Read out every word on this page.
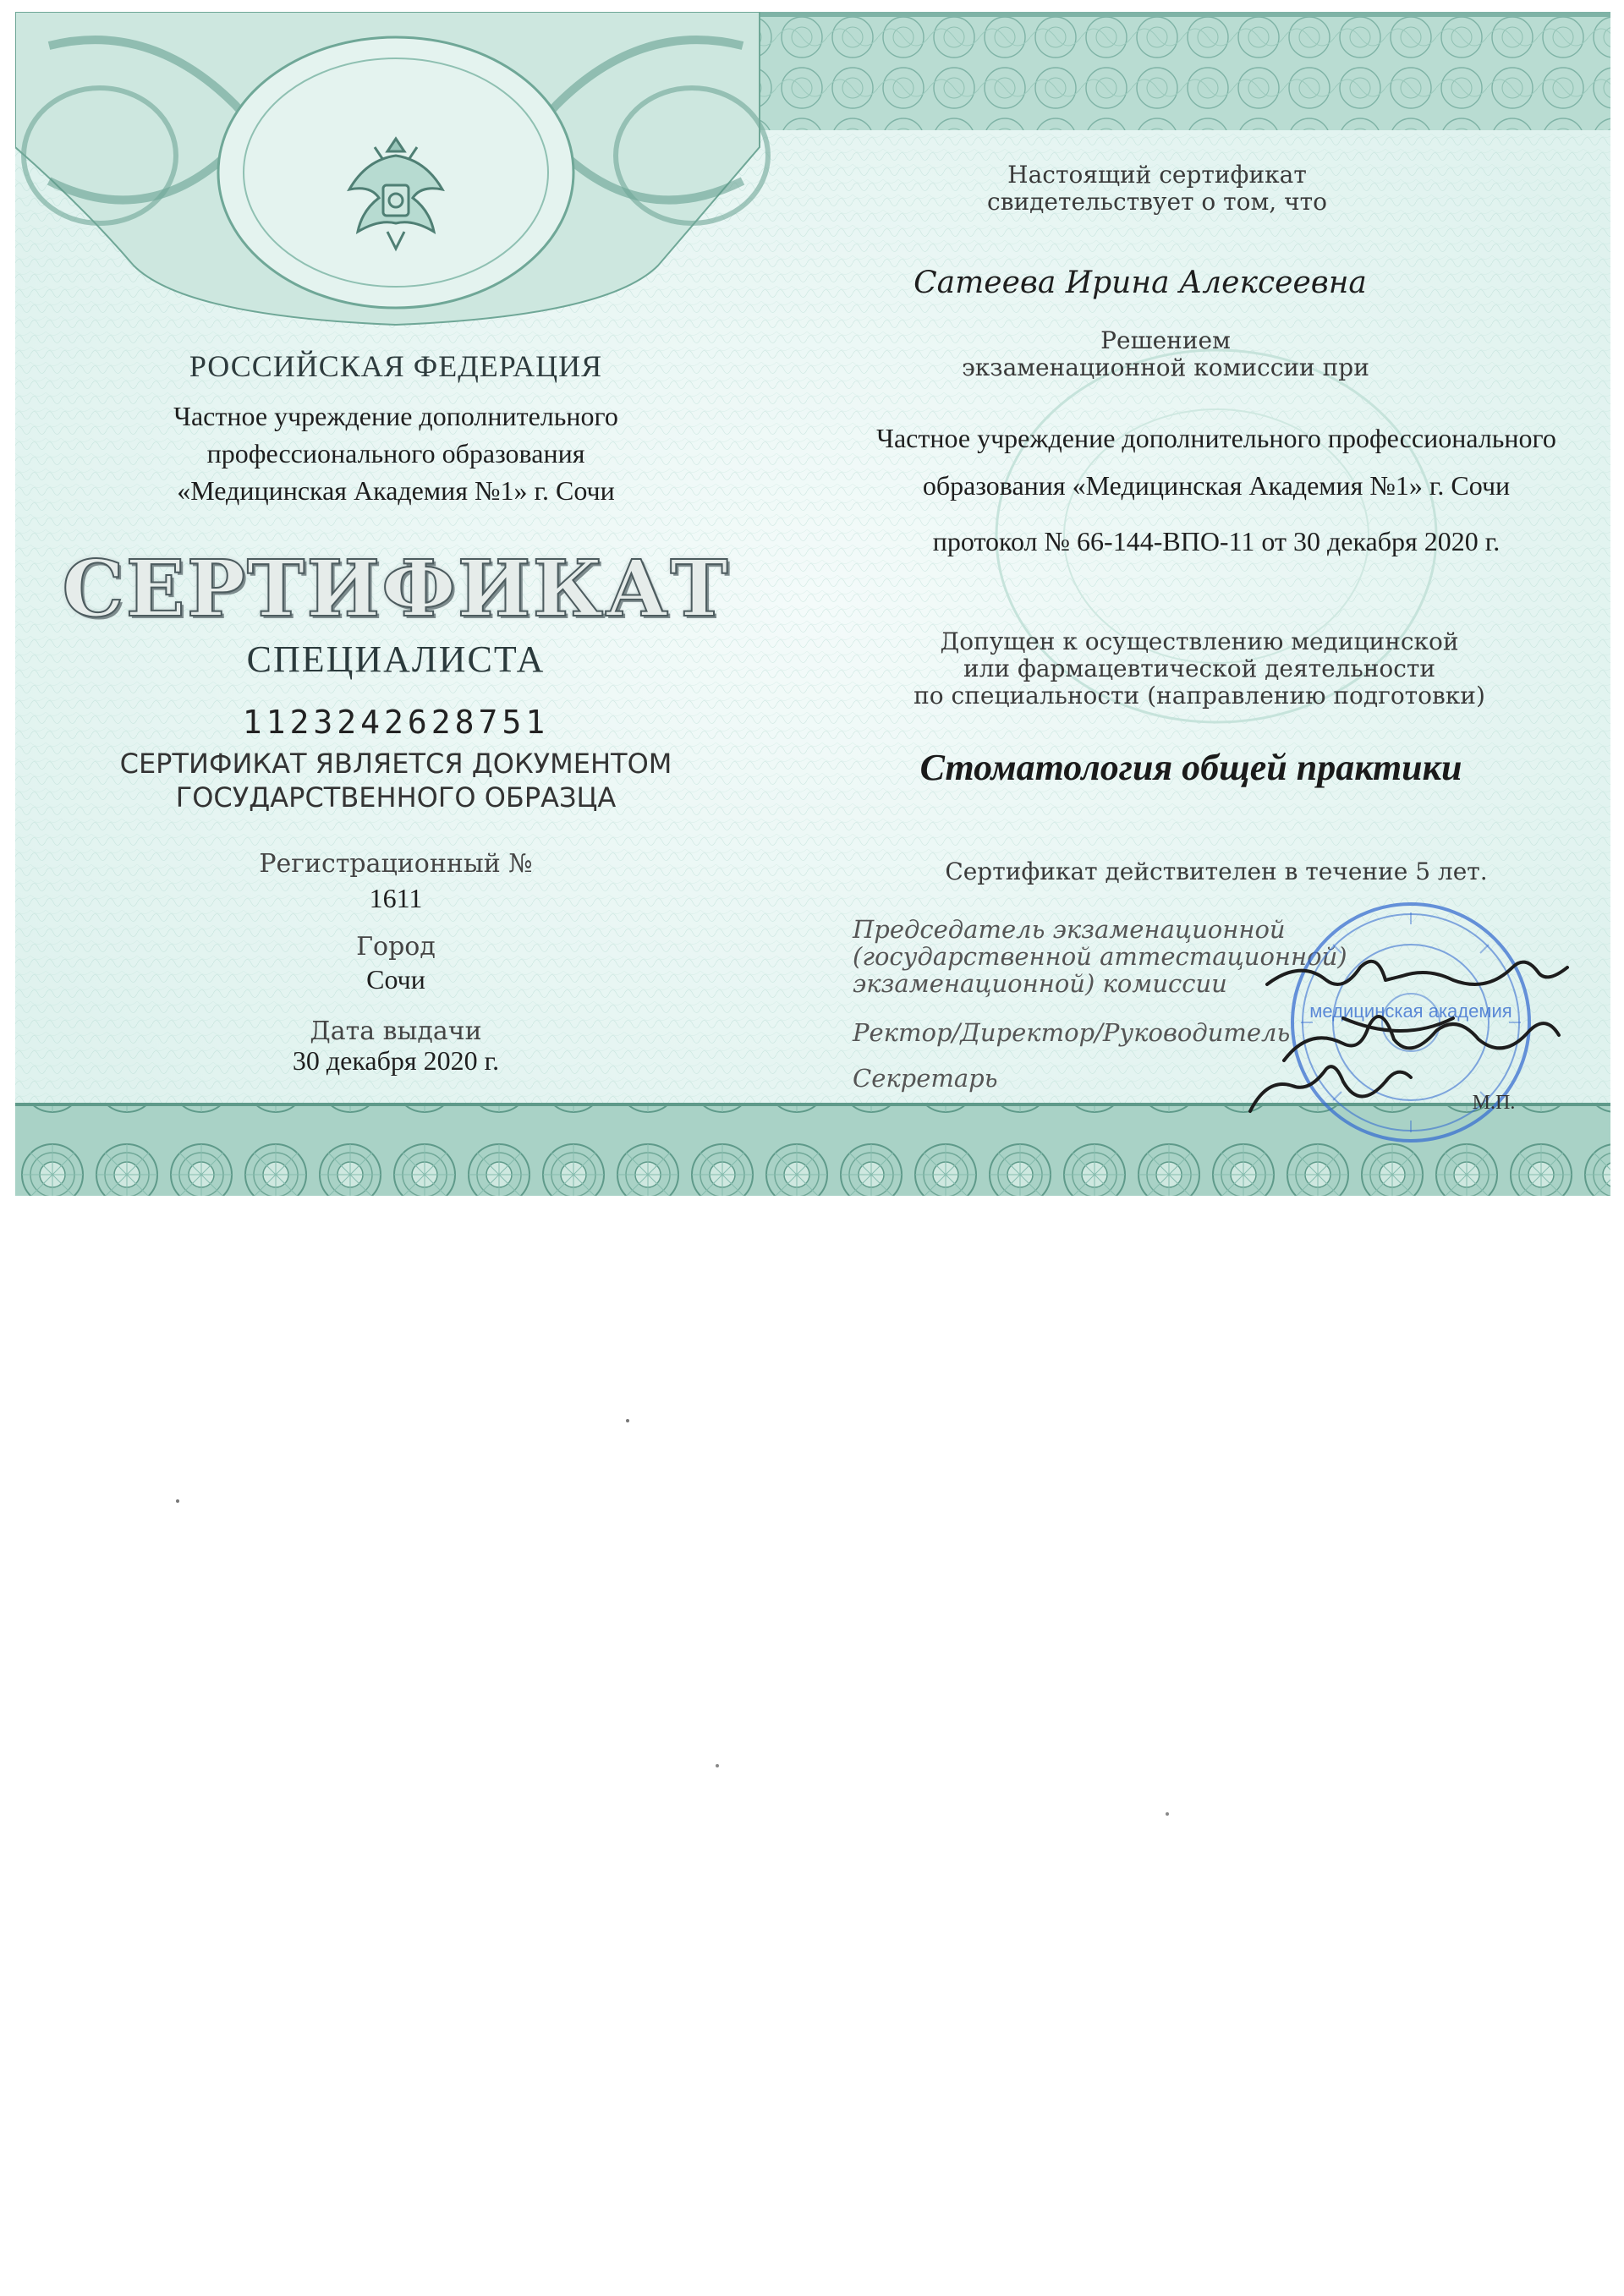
РОССИЙСКАЯ ФЕДЕРАЦИЯ

Частное учреждение дополнительного

профессионального образования

«Медицинская Академия №1» г. Сочи

СЕРТИФИКАТ

СПЕЦИАЛИСТА

1123242628751

СЕРТИФИКАТ ЯВЛЯЕТСЯ ДОКУМЕНТОМ

ГОСУДАРСТВЕННОГО ОБРАЗЦА

Регистрационный №

1611

Город

Сочи

Дата выдачи

30 декабря 2020 г.

Настоящий сертификат

свидетельствует о том, что

Сатеева Ирина Алексеевна

Решением

экзаменационной комиссии при

Частное учреждение дополнительного профессионального

образования «Медицинская Академия №1» г. Сочи

протокол № 66-144-ВПО-11 от 30 декабря 2020 г.

Допущен к осуществлению медицинской

или фармацевтической деятельности

по специальности (направлению подготовки)

Стоматология общей практики

Сертификат действителен в течение 5 лет.

Председатель экзаменационной

(государственной аттестационной)

экзаменационной) комиссии

Ректор/Директор/Руководитель

Секретарь

медицинская академия
М.П.
